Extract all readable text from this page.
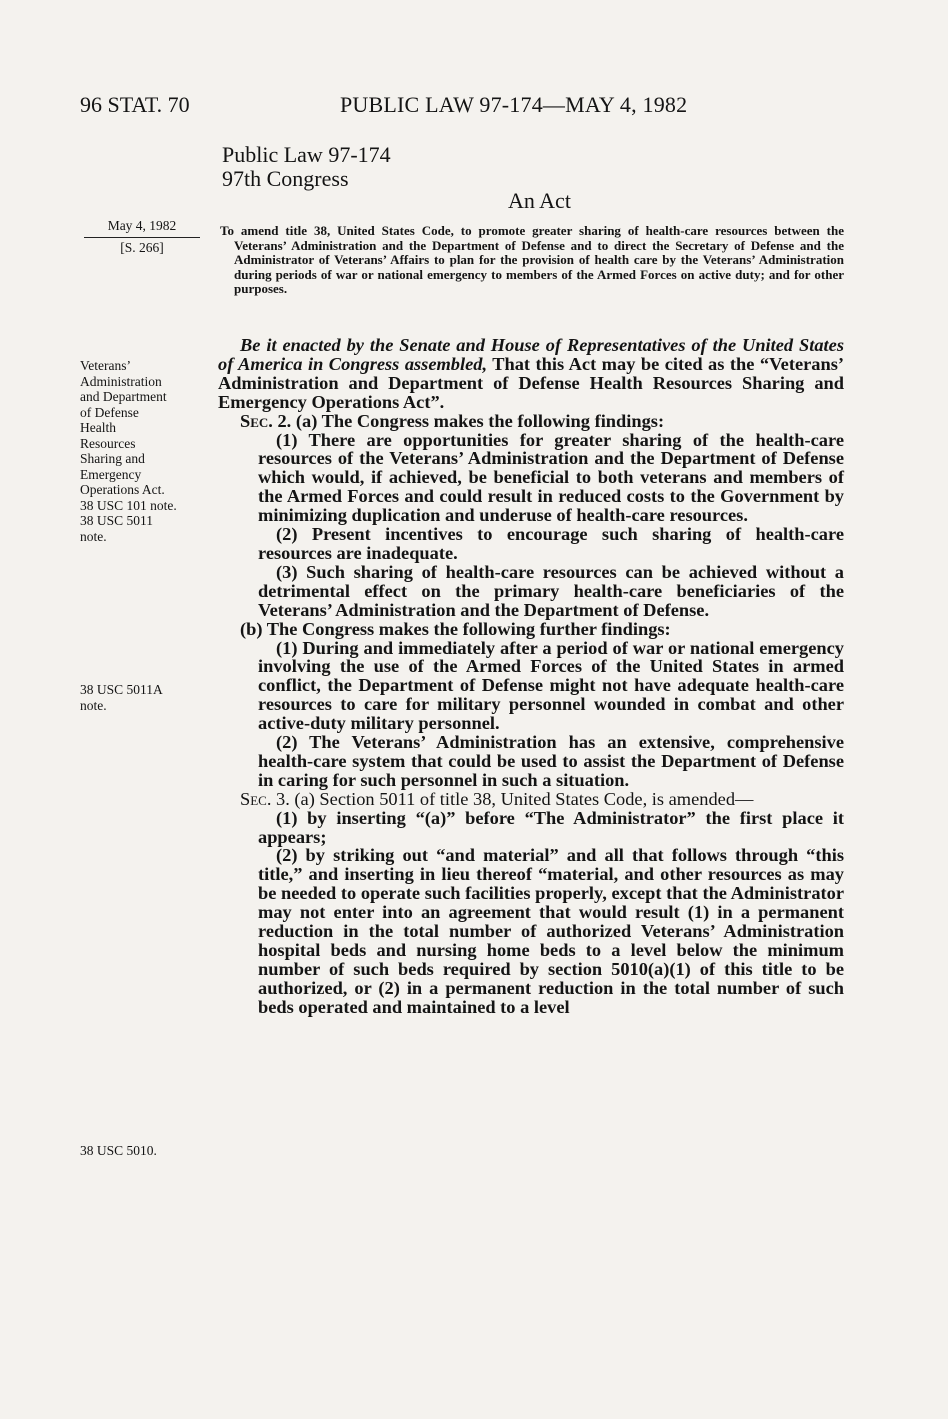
96 STAT. 70	PUBLIC LAW 97-174—MAY 4, 1982
Public Law 97-174
97th Congress
An Act
May 4, 1982
[S. 266]
To amend title 38, United States Code, to promote greater sharing of health-care resources between the Veterans’ Administration and the Department of Defense and to direct the Secretary of Defense and the Administrator of Veterans’ Affairs to plan for the provision of health care by the Veterans’ Administration during periods of war or national emergency to members of the Armed Forces on active duty; and for other purposes.
Veterans’
Administration
and Department
of Defense
Health
Resources
Sharing and
Emergency
Operations Act.
38 USC 101 note.
38 USC 5011
note.
38 USC 5011A
note.
38 USC 5010.

Be it enacted by the Senate and House of Representatives of the United States of America in Congress assembled, That this Act may be cited as the “Veterans’ Administration and Department of Defense Health Resources Sharing and Emergency Operations Act”.

Sec. 2. (a) The Congress makes the following findings:

(1) There are opportunities for greater sharing of the health-care resources of the Veterans’ Administration and the Department of Defense which would, if achieved, be beneficial to both veterans and members of the Armed Forces and could result in reduced costs to the Government by minimizing duplication and underuse of health-care resources.

(2) Present incentives to encourage such sharing of health-care resources are inadequate.

(3) Such sharing of health-care resources can be achieved without a detrimental effect on the primary health-care beneficiaries of the Veterans’ Administration and the Department of Defense.

(b) The Congress makes the following further findings:

(1) During and immediately after a period of war or national emergency involving the use of the Armed Forces of the United States in armed conflict, the Department of Defense might not have adequate health-care resources to care for military personnel wounded in combat and other active-duty military personnel.

(2) The Veterans’ Administration has an extensive, comprehensive health-care system that could be used to assist the Department of Defense in caring for such personnel in such a situation.

Sec. 3. (a) Section 5011 of title 38, United States Code, is amended—

(1) by inserting “(a)” before “The Administrator” the first place it appears;

(2) by striking out “and material” and all that follows through “this title,” and inserting in lieu thereof “material, and other resources as may be needed to operate such facilities properly, except that the Administrator may not enter into an agreement that would result (1) in a permanent reduction in the total number of authorized Veterans’ Administration hospital beds and nursing home beds to a level below the minimum number of such beds required by section 5010(a)(1) of this title to be authorized, or (2) in a permanent reduction in the total number of such beds operated and maintained to a level
